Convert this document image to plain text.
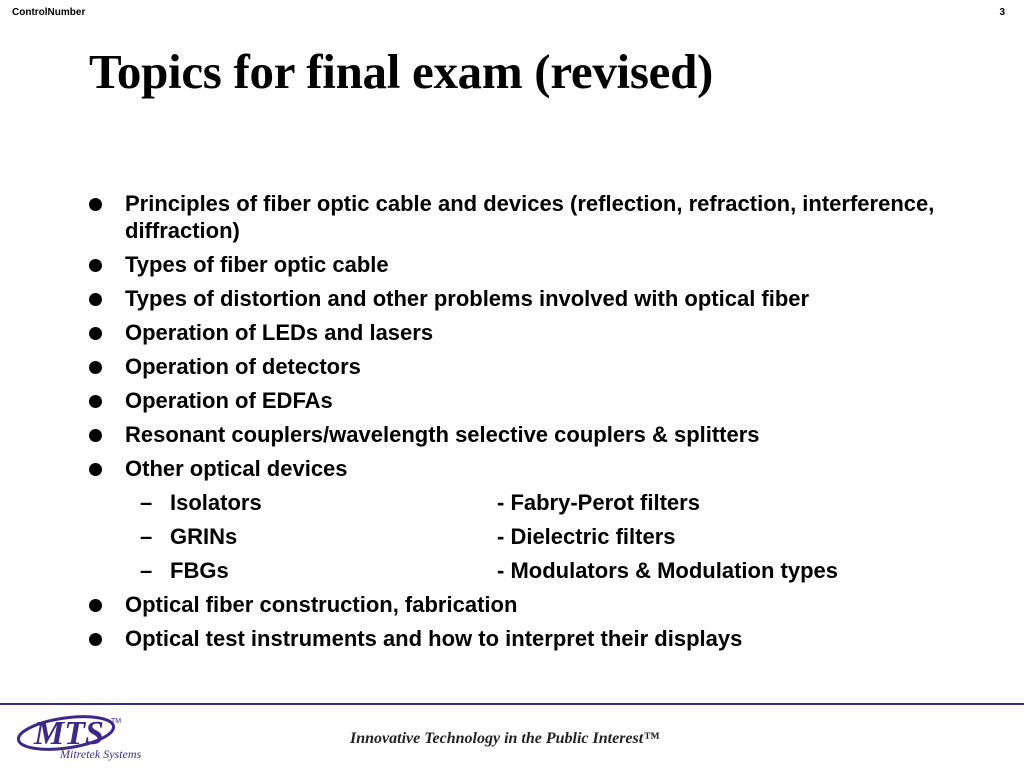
ControlNumber	3
Topics for final exam (revised)
Principles of fiber optic cable and devices (reflection, refraction, interference, diffraction)
Types of fiber optic cable
Types of distortion and other problems involved with optical fiber
Operation of LEDs and lasers
Operation of detectors
Operation of EDFAs
Resonant couplers/wavelength selective couplers & splitters
Other optical devices
– Isolators	- Fabry-Perot filters
– GRINs	- Dielectric filters
– FBGs	- Modulators & Modulation types
Optical fiber construction, fabrication
Optical test instruments and how to interpret their displays
MTS TM
Mitretek Systems
Innovative Technology in the Public Interest™
